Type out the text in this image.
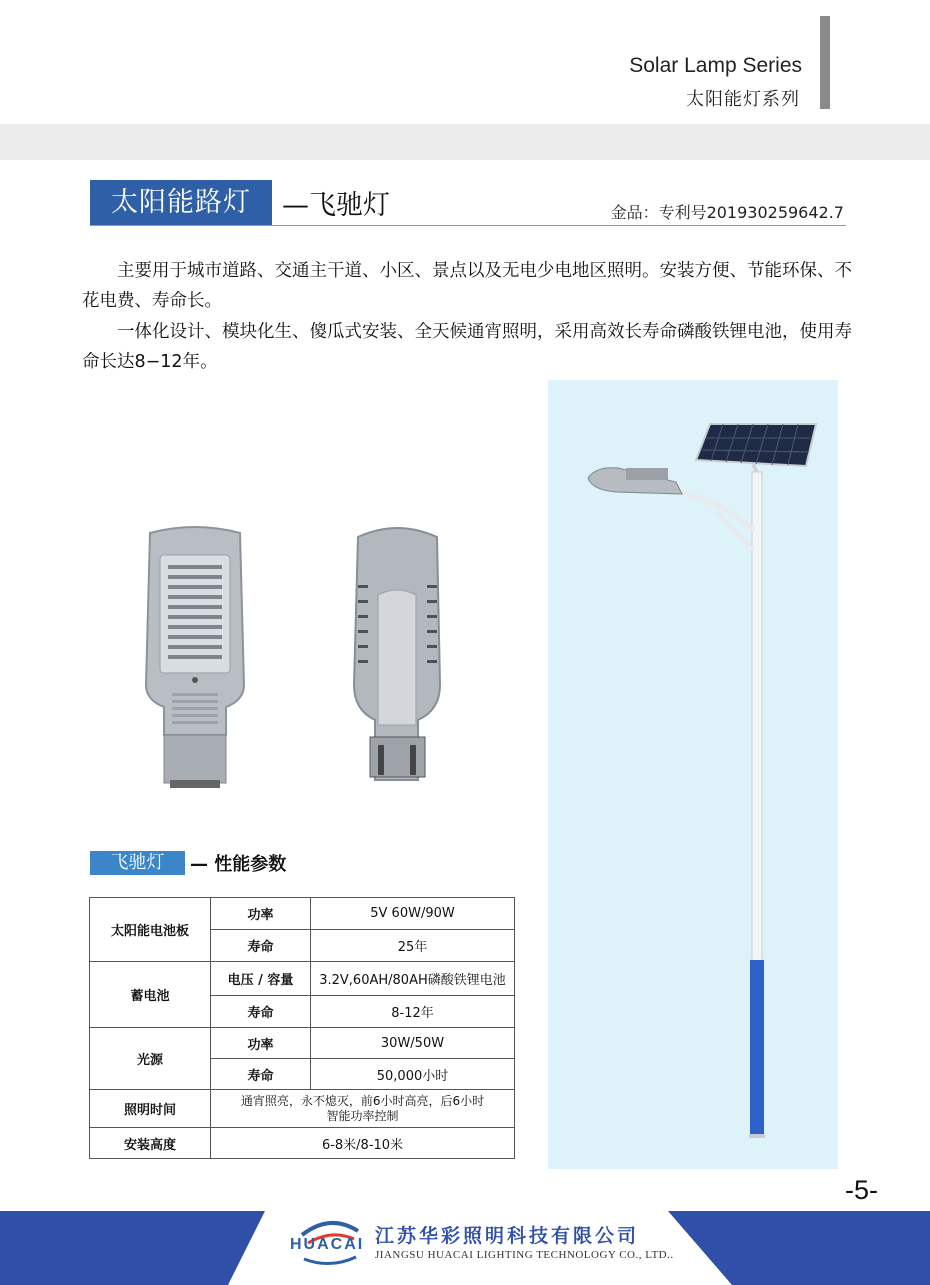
Solar Lamp Series
太阳能灯系列
太阳能路灯	—飞驰灯	金品：专利号201930259642.7
主要用于城市道路、交通主干道、小区、景点以及无电少电地区照明。安装方便、节能环保、不花电费、寿命长。
一体化设计、模块化生、傻瓜式安装、全天候通宵照明，采用高效长寿命磷酸铁锂电池，使用寿命长达8−12年。
飞驰灯	— 性能参数
太阳能电池板	功率	5V 60W/90W
	寿命	25年
蓄电池	电压 / 容量	3.2V,60AH/80AH磷酸铁锂电池
	寿命	8-12年
光源	功率	30W/50W
	寿命	50,000小时
照明时间	通宵照亮，永不熄灭，前6小时高亮，后6小时
智能功率控制	

安装高度	6-8米/8-10米	
-5-
HUACAI 江苏华彩照明科技有限公司
JIANGSU HUACAI LIGHTING TECHNOLOGY CO., LTD..
